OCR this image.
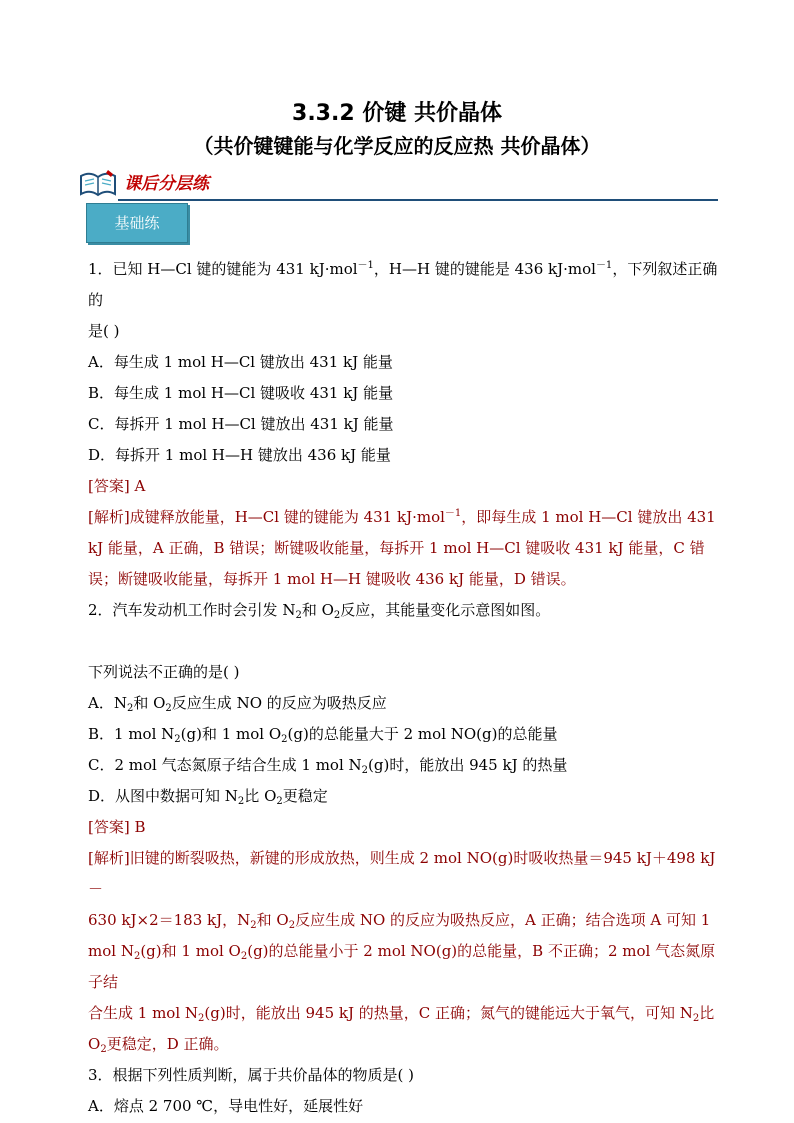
3.3.2 价键 共价晶体
（共价键键能与化学反应的反应热 共价晶体）
课后分层练
基础练

1．已知 H—Cl 键的键能为 431 kJ·mol$^{-1}$，H—H 键的键能是 436 kJ·mol$^{-1}$，下列叙述正确的

是( )

A．每生成 1 mol H—Cl 键放出 431 kJ 能量

B．每生成 1 mol H—Cl 键吸收 431 kJ 能量

C．每拆开 1 mol H—Cl 键放出 431 kJ 能量

D．每拆开 1 mol H—H 键放出 436 kJ 能量

[答案] A

[解析]成键释放能量，H—Cl 键的键能为 431 kJ·mol$^{-1}$，即每生成 1 mol H—Cl 键放出 431

kJ 能量，A 正确，B 错误；断键吸收能量，每拆开 1 mol H—Cl 键吸收 431 kJ 能量，C 错

误；断键吸收能量，每拆开 1 mol H—H 键吸收 436 kJ 能量，D 错误。

2．汽车发动机工作时会引发 $N_2$和 $O_2$反应，其能量变化示意图如图。

下列说法不正确的是( )

A．$N_2$和 $O_2$反应生成 NO 的反应为吸热反应

B．1 mol $N_2(g)$和 1 mol $O_2(g)$的总能量大于 2 mol NO(g)的总能量

C．2 mol 气态氮原子结合生成 1 mol $N_2(g)$时，能放出 945 kJ 的热量

D．从图中数据可知 $N_2$比 $O_2$更稳定

[答案] B

[解析]旧键的断裂吸热，新键的形成放热，则生成 2 mol NO(g)时吸收热量＝945 kJ＋498 kJ－

630 kJ×2＝183 kJ，$N_2$和 $O_2$反应生成 NO 的反应为吸热反应，A 正确；结合选项 A 可知 1

mol $N_2(g)$和 1 mol $O_2(g)$的总能量小于 2 mol NO(g)的总能量，B 不正确；2 mol 气态氮原子结

合生成 1 mol $N_2(g)$时，能放出 945 kJ 的热量，C 正确；氮气的键能远大于氧气，可知 $N_2$比

$O_2$更稳定，D 正确。

3．根据下列性质判断，属于共价晶体的物质是( )

A．熔点 2 700 ℃，导电性好，延展性好
